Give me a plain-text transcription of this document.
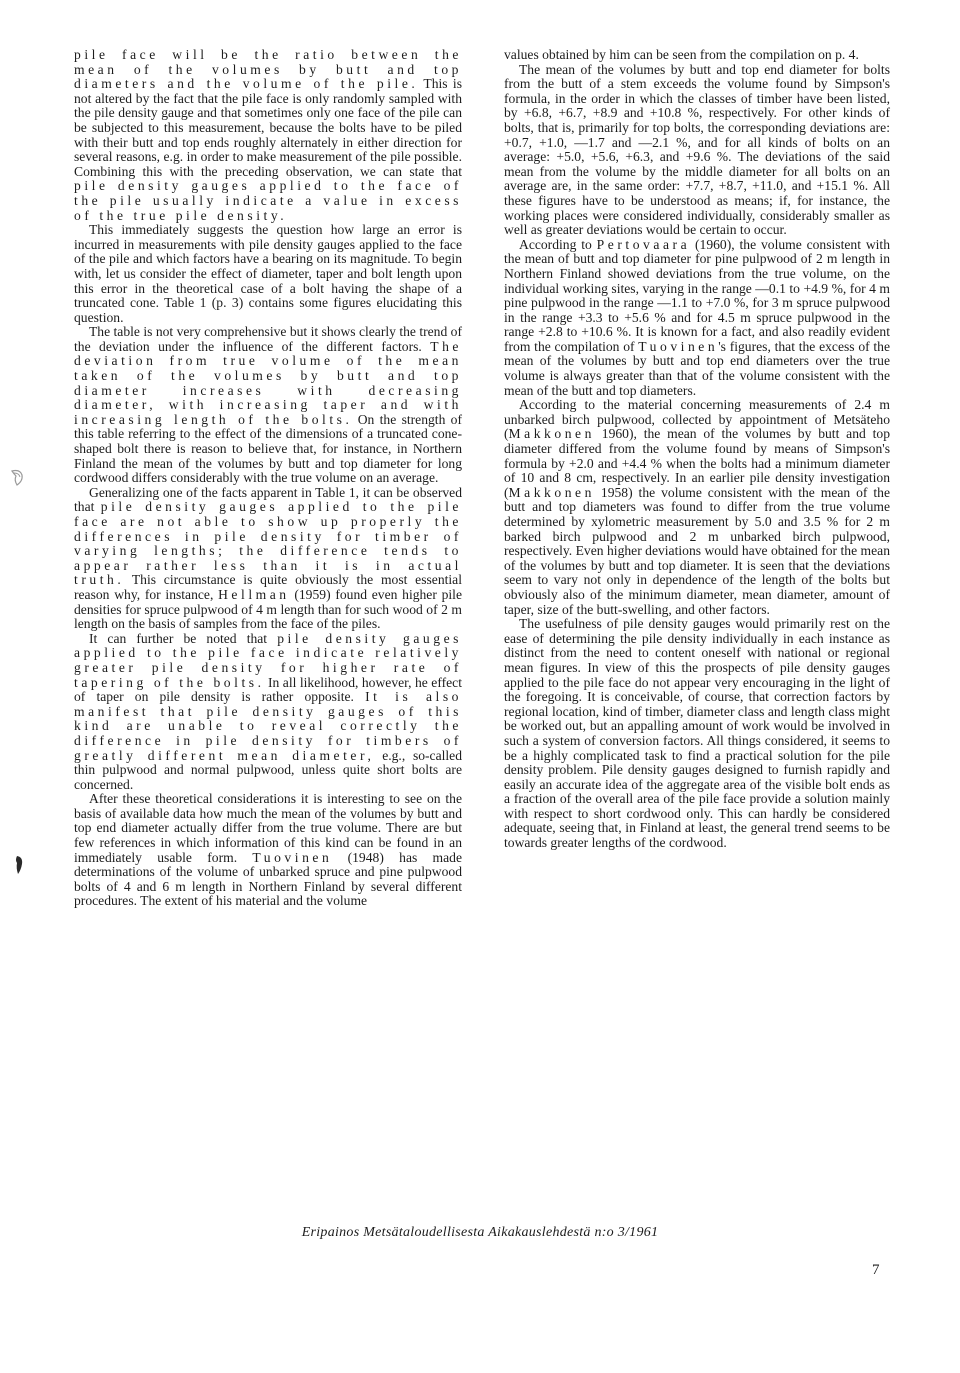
pile face will be the ratio between the mean of the volumes by butt and top diameters and the volume of the pile. This is not altered by the fact that the pile face is only randomly sampled with the pile density gauge and that sometimes only one face of the pile can be subjected to this measurement, because the bolts have to be piled with their butt and top ends roughly alternately in either direction for several reasons, e.g. in order to make measurement of the pile possible. Combining this with the preceding observation, we can state that pile density gauges applied to the face of the pile usually indicate a value in excess of the true pile density.

This immediately suggests the question how large an error is incurred in measurements with pile density gauges applied to the face of the pile and which factors have a bearing on its magnitude. To begin with, let us consider the effect of diameter, taper and bolt length upon this error in the theoretical case of a bolt having the shape of a truncated cone. Table 1 (p. 3) contains some figures elucidating this question.

The table is not very comprehensive but it shows clearly the trend of the deviation under the influence of the different factors. The deviation from true volume of the mean taken of the volumes by butt and top diameter increases with decreasing diameter, with increasing taper and with increasing length of the bolts. On the strength of this table referring to the effect of the dimensions of a truncated cone-shaped bolt there is reason to believe that, for instance, in Northern Finland the mean of the volumes by butt and top diameter for long cordwood differs considerably with the true volume on an average.

Generalizing one of the facts apparent in Table 1, it can be observed that pile density gauges applied to the pile face are not able to show up properly the differences in pile density for timber of varying lengths; the difference tends to appear rather less than it is in actual truth. This circumstance is quite obviously the most essential reason why, for instance, Hellman (1959) found even higher pile densities for spruce pulpwood of 4 m length than for such wood of 2 m length on the basis of samples from the face of the piles.

It can further be noted that pile density gauges applied to the pile face indicate relatively greater pile density for higher rate of tapering of the bolts. In all likelihood, however, he effect of taper on pile density is rather opposite. It is also manifest that pile density gauges of this kind are unable to reveal correctly the difference in pile density for timbers of greatly different mean diameter, e.g., so-called thin pulpwood and normal pulpwood, unless quite short bolts are concerned.

After these theoretical considerations it is interesting to see on the basis of available data how much the mean of the volumes by butt and top end diameter actually differ from the true volume. There are but few references in which information of this kind can be found in an immediately usable form. Tuovinen (1948) has made determinations of the volume of unbarked spruce and pine pulpwood bolts of 4 and 6 m length in Northern Finland by several different procedures. The extent of his material and the volume

values obtained by him can be seen from the compilation on p. 4.

The mean of the volumes by butt and top end diameter for bolts from the butt of a stem exceeds the volume found by Simpson's formula, in the order in which the classes of timber have been listed, by +6.8, +6.7, +8.9 and +10.8 %, respectively. For other kinds of bolts, that is, primarily for top bolts, the corresponding deviations are: +0.7, +1.0, —1.7 and —2.1 %, and for all kinds of bolts on an average: +5.0, +5.6, +6.3, and +9.6 %. The deviations of the said mean from the volume by the middle diameter for all bolts on an average are, in the same order: +7.7, +8.7, +11.0, and +15.1 %. All these figures have to be understood as means; if, for instance, the working places were considered individually, considerably smaller as well as greater deviations would be certain to occur.

According to Pertovaara (1960), the volume consistent with the mean of butt and top diameter for pine pulpwood of 2 m length in Northern Finland showed deviations from the true volume, on the individual working sites, varying in the range —0.1 to +4.9 %, for 4 m pine pulpwood in the range —1.1 to +7.0 %, for 3 m spruce pulpwood in the range +3.3 to +5.6 % and for 4.5 m spruce pulpwood in the range +2.8 to +10.6 %. It is known for a fact, and also readily evident from the compilation of Tuovinen's figures, that the excess of the mean of the volumes by butt and top end diameters over the true volume is always greater than that of the volume consistent with the mean of the butt and top diameters.

According to the material concerning measurements of 2.4 m unbarked birch pulpwood, collected by appointment of Metsäteho (Makkonen 1960), the mean of the volumes by butt and top diameter differed from the volume found by means of Simpson's formula by +2.0 and +4.4 % when the bolts had a minimum diameter of 10 and 8 cm, respectively. In an earlier pile density investigation (Makkonen 1958) the volume consistent with the mean of the butt and top diameters was found to differ from the true volume determined by xylometric measurement by 5.0 and 3.5 % for 2 m barked birch pulpwood and 2 m unbarked birch pulpwood, respectively. Even higher deviations would have obtained for the mean of the volumes by butt and top diameter. It is seen that the deviations seem to vary not only in dependence of the length of the bolts but obviously also of the minimum diameter, mean diameter, amount of taper, size of the butt-swelling, and other factors.

The usefulness of pile density gauges would primarily rest on the ease of determining the pile density individually in each instance as distinct from the need to content oneself with national or regional mean figures. In view of this the prospects of pile density gauges applied to the pile face do not appear very encouraging in the light of the foregoing. It is conceivable, of course, that correction factors by regional location, kind of timber, diameter class and length class might be worked out, but an appalling amount of work would be involved in such a system of conversion factors. All things considered, it seems to be a highly complicated task to find a practical solution for the pile density problem. Pile density gauges designed to furnish rapidly and easily an accurate idea of the aggregate area of the visible bolt ends as a fraction of the overall area of the pile face provide a solution mainly with respect to short cordwood only. This can hardly be considered adequate, seeing that, in Finland at least, the general trend seems to be towards greater lengths of the cordwood.

Eripainos Metsätaloudellisesta Aikakauslehdestä n:o 3/1961
7
